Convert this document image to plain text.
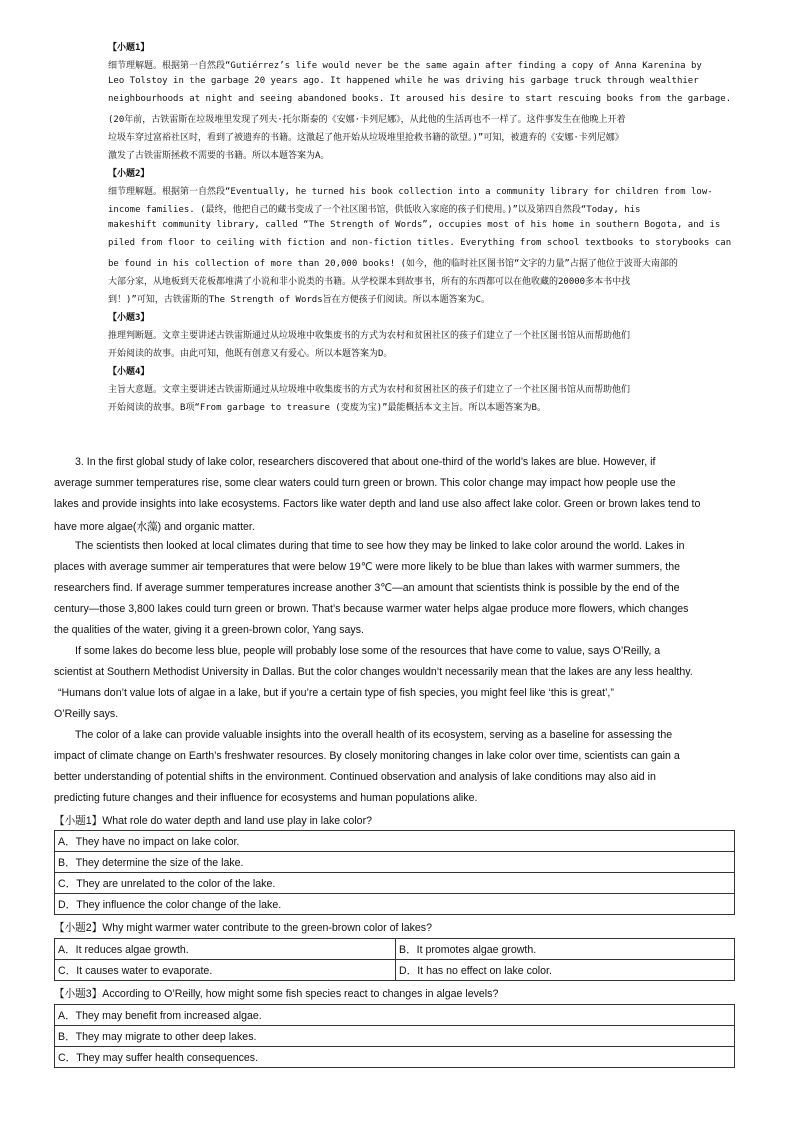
【小题1】
细节理解题。根据第一自然段“Gutiérrez’s life would never be the same again after finding a copy of Anna Karenina by
Leo Tolstoy in the garbage 20 years ago. It happened while he was driving his garbage truck through wealthier
neighbourhoods at night and seeing abandoned books. It aroused his desire to start rescuing books from the garbage.
(20年前，古铁雷斯在垃圾堆里发现了列夫·托尔斯泰的《安娜·卡列尼娜》，从此他的生活再也不一样了。这件事发生在他晚上开着
垃圾车穿过富裕社区时，看到了被遗弃的书籍。这激起了他开始从垃圾堆里抢救书籍的欲望。)”可知，被遗弃的《安娜·卡列尼娜》
激发了古铁雷斯拯救不需要的书籍。所以本题答案为A。
【小题2】
细节理解题。根据第一自然段“Eventually, he turned his book collection into a community library for children from low-
income families. (最终，他把自己的藏书变成了一个社区图书馆，供低收入家庭的孩子们使用。)”以及第四自然段“Today, his
makeshift community library, called “The Strength of Words”, occupies most of his home in southern Bogota, and is
piled from floor to ceiling with fiction and non-fiction titles. Everything from school textbooks to storybooks can
be found in his collection of more than 20,000 books! (如今，他的临时社区图书馆“文字的力量”占据了他位于波哥大南部的
大部分家，从地板到天花板都堆满了小说和非小说类的书籍。从学校课本到故事书，所有的东西都可以在他收藏的20000多本书中找
到！)”可知，古铁雷斯的The Strength of Words旨在方便孩子们阅读。所以本题答案为C。
【小题3】
推理判断题。文章主要讲述古铁雷斯通过从垃圾堆中收集废书的方式为农村和贫困社区的孩子们建立了一个社区图书馆从而帮助他们
开始阅读的故事。由此可知，他既有创意又有爱心。所以本题答案为D。
【小题4】
主旨大意题。文章主要讲述古铁雷斯通过从垃圾堆中收集废书的方式为农村和贫困社区的孩子们建立了一个社区图书馆从而帮助他们
开始阅读的故事。B项“From garbage to treasure (变废为宝)”最能概括本文主旨。所以本题答案为B。
3. In the first global study of lake color, researchers discovered that about one-third of the world’s lakes are blue. However, if
average summer temperatures rise, some clear waters could turn green or brown. This color change may impact how people use the
lakes and provide insights into lake ecosystems. Factors like water depth and land use also affect lake color. Green or brown lakes tend to
have more algae(水藻) and organic matter.
The scientists then looked at local climates during that time to see how they may be linked to lake color around the world. Lakes in
places with average summer air temperatures that were below 19℃ were more likely to be blue than lakes with warmer summers, the
researchers find. If average summer temperatures increase another 3℃—an amount that scientists think is possible by the end of the
century—those 3,800 lakes could turn green or brown. That’s because warmer water helps algae produce more flowers, which changes
the qualities of the water, giving it a green-brown color, Yang says.
If some lakes do become less blue, people will probably lose some of the resources that have come to value, says O’Reilly, a
scientist at Southern Methodist University in Dallas. But the color changes wouldn’t necessarily mean that the lakes are any less healthy.
“Humans don’t value lots of algae in a lake, but if you’re a certain type of fish species, you might feel like ‘this is great’,”
O’Reilly says.
The color of a lake can provide valuable insights into the overall health of its ecosystem, serving as a baseline for assessing the
impact of climate change on Earth’s freshwater resources. By closely monitoring changes in lake color over time, scientists can gain a
better understanding of potential shifts in the environment. Continued observation and analysis of lake conditions may also aid in
predicting future changes and their influence for ecosystems and human populations alike.
【小题1】What role do water depth and land use play in lake color?
A．They have no impact on lake color.
B．They determine the size of the lake.
C．They are unrelated to the color of the lake.
D．They influence the color change of the lake.
【小题2】Why might warmer water contribute to the green-brown color of lakes?
A．It reduces algae growth.	B．It promotes algae growth.
C．It causes water to evaporate.	D．It has no effect on lake color.
【小题3】According to O’Reilly, how might some fish species react to changes in algae levels?
A．They may benefit from increased algae.
B．They may migrate to other deep lakes.
C．They may suffer health consequences.
